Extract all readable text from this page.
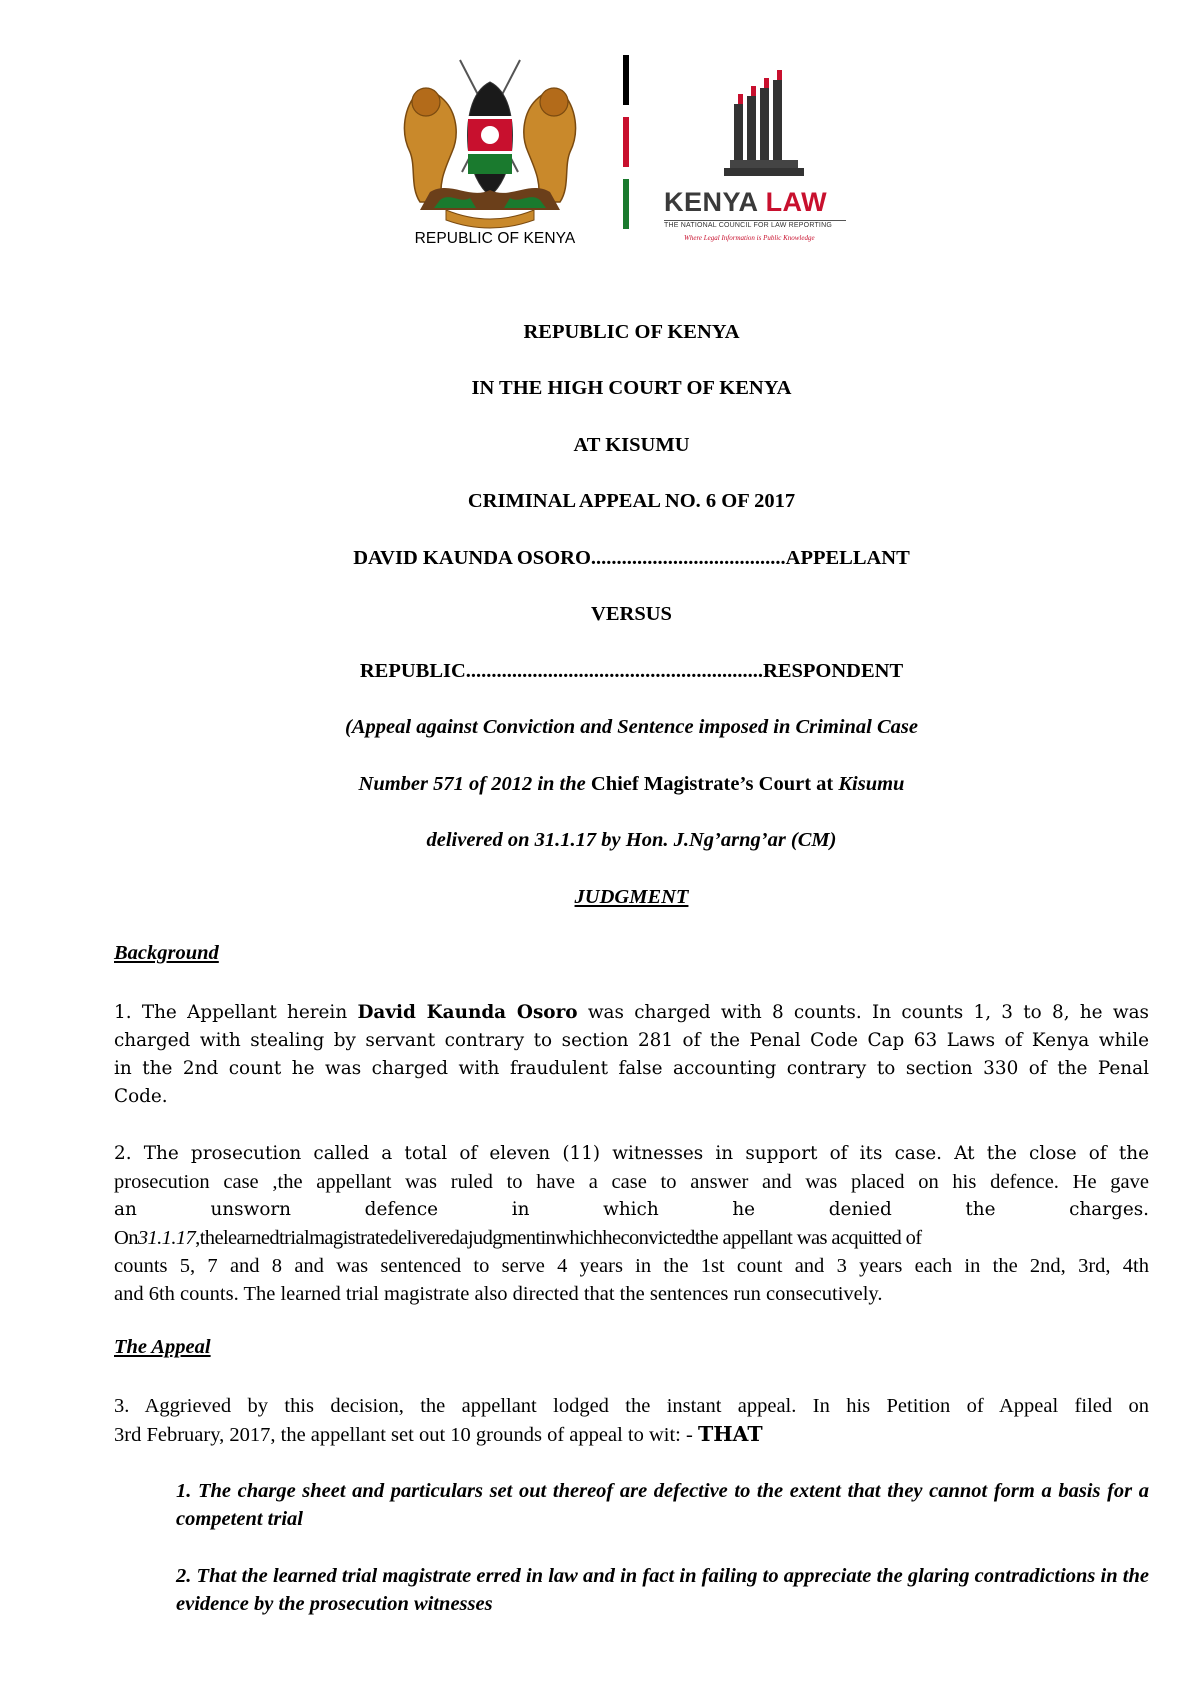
REPUBLIC OF KENYA
KENYA LAW
THE NATIONAL COUNCIL FOR LAW REPORTING
Where Legal Information is Public Knowledge
REPUBLIC OF KENYA
IN THE HIGH COURT OF KENYA
AT KISUMU
CRIMINAL APPEAL NO. 6 OF 2017
DAVID KAUNDA OSORO......................................APPELLANT
VERSUS
REPUBLIC..........................................................RESPONDENT
(Appeal against Conviction and Sentence imposed in Criminal Case
Number 571 of 2012 in the Chief Magistrate’s Court at Kisumu
delivered on 31.1.17 by Hon. J.Ng’arng’ar (CM)
JUDGMENT
Background
1. The Appellant herein David Kaunda Osoro was charged with 8 counts. In counts 1, 3 to 8, he was
charged with stealing by servant contrary to section 281 of the Penal Code Cap 63 Laws of Kenya while
in the 2nd count he was charged with fraudulent false accounting contrary to section 330 of the Penal
Code.
2. The prosecution called a total of eleven (11) witnesses in support of its case. At the close of the
prosecution case ,the appellant was ruled to have a case to answer and was placed on his defence. He gave
an unsworn defence in which he denied the charges.
On31.1.17,thelearnedtrialmagistratedeliveredajudgmentinwhichheconvictedthe appellant was acquitted of
counts 5, 7 and 8 and was sentenced to serve 4 years in the 1st count and 3 years each in the 2nd, 3rd, 4th
and 6th counts. The learned trial magistrate also directed that the sentences run consecutively.
The Appeal
3. Aggrieved by this decision, the appellant lodged the instant appeal. In his Petition of Appeal filed on
3rd February, 2017, the appellant set out 10 grounds of appeal to wit: - THAT
1. The charge sheet and particulars set out thereof are defective to the extent that they cannot form a basis for a competent trial
2. That the learned trial magistrate erred in law and in fact in failing to appreciate the glaring contradictions in the evidence by the prosecution witnesses
